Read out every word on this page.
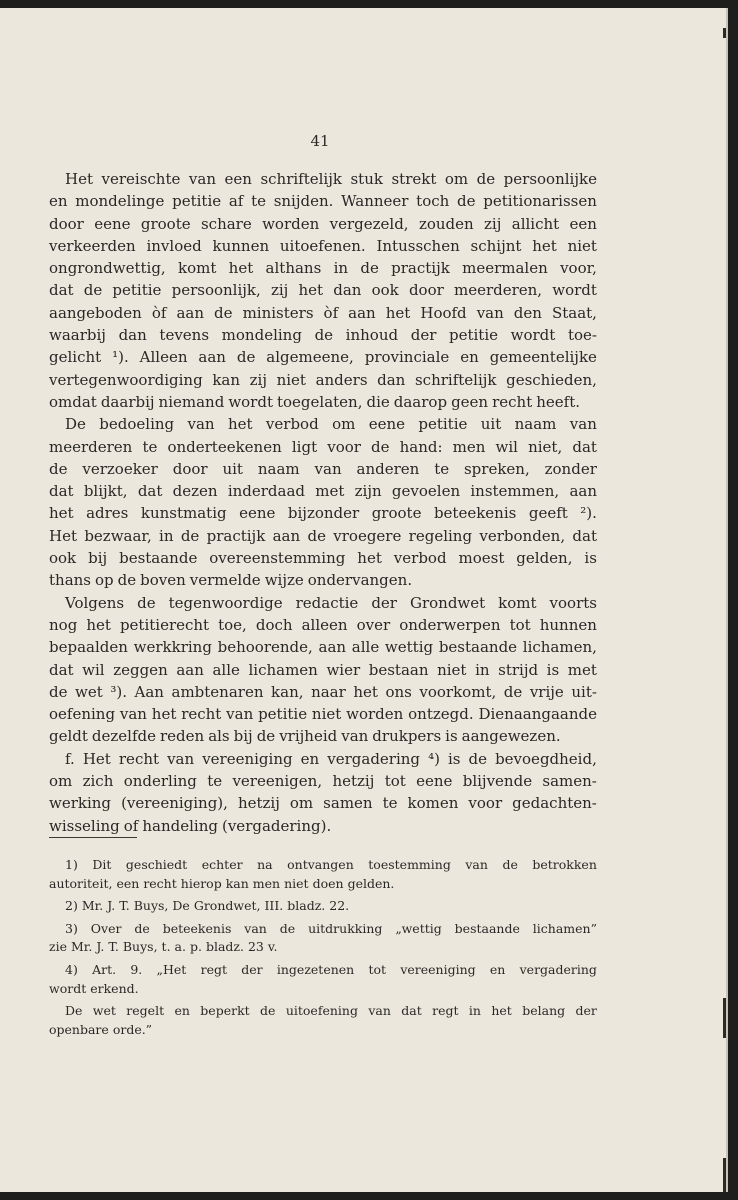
41
Het vereischte van een schriftelijk stuk strekt om de persoonlijke
en mondelinge petitie af te snijden. Wanneer toch de petitionarissen
door eene groote schare worden vergezeld, zouden zij allicht een
verkeerden invloed kunnen uitoefenen. Intusschen schijnt het niet
ongrondwettig, komt het althans in de practijk meermalen voor,
dat de petitie persoonlijk, zij het dan ook door meerderen, wordt
aangeboden òf aan de ministers òf aan het Hoofd van den Staat,
waarbij dan tevens mondeling de inhoud der petitie wordt toe-
gelicht ¹). Alleen aan de algemeene, provinciale en gemeentelijke
vertegenwoordiging kan zij niet anders dan schriftelijk geschieden,
omdat daarbij niemand wordt toegelaten, die daarop geen recht heeft.
De bedoeling van het verbod om eene petitie uit naam van
meerderen te onderteekenen ligt voor de hand: men wil niet, dat
de verzoeker door uit naam van anderen te spreken, zonder
dat blijkt, dat dezen inderdaad met zijn gevoelen instemmen, aan
het adres kunstmatig eene bijzonder groote beteekenis geeft ²).
Het bezwaar, in de practijk aan de vroegere regeling verbonden, dat
ook bij bestaande overeenstemming het verbod moest gelden, is
thans op de boven vermelde wijze ondervangen.
Volgens de tegenwoordige redactie der Grondwet komt voorts
nog het petitierecht toe, doch alleen over onderwerpen tot hunnen
bepaalden werkkring behoorende, aan alle wettig bestaande lichamen,
dat wil zeggen aan alle lichamen wier bestaan niet in strijd is met
de wet ³). Aan ambtenaren kan, naar het ons voorkomt, de vrije uit-
oefening van het recht van petitie niet worden ontzegd. Dienaangaande
geldt dezelfde reden als bij de vrijheid van drukpers is aangewezen.
f. Het recht van vereeniging en vergadering ⁴) is de bevoegdheid,
om zich onderling te vereenigen, hetzij tot eene blijvende samen-
werking (vereeniging), hetzij om samen te komen voor gedachten-
wisseling of handeling (vergadering).
1) Dit geschiedt echter na ontvangen toestemming van de betrokken
autoriteit, een recht hierop kan men niet doen gelden.
2) Mr. J. T. Buys, De Grondwet, III. bladz. 22.
3) Over de beteekenis van de uitdrukking „wettig bestaande lichamen”
zie Mr. J. T. Buys, t. a. p. bladz. 23 v.
4) Art. 9. „Het regt der ingezetenen tot vereeniging en vergadering
wordt erkend.
De wet regelt en beperkt de uitoefening van dat regt in het belang der
openbare orde.”
